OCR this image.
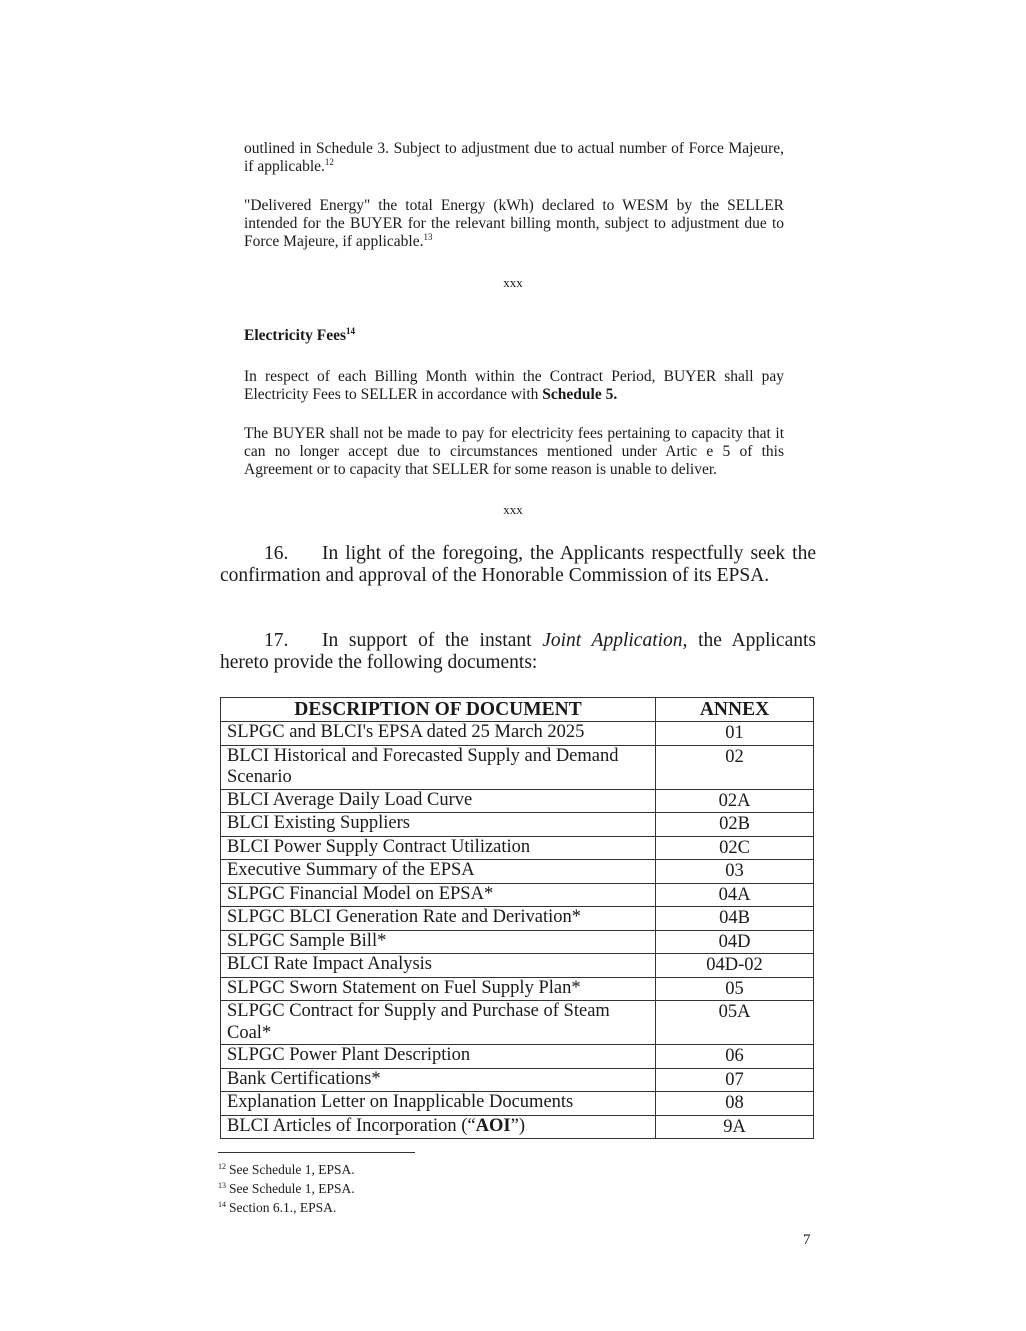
outlined in Schedule 3. Subject to adjustment due to actual number of Force Majeure, if applicable.$^{12}$

"Delivered Energy" the total Energy (kWh) declared to WESM by the SELLER intended for the BUYER for the relevant billing month, subject to adjustment due to Force Majeure, if applicable.$^{13}$

xxx
Electricity Fees$^{14}$

In respect of each Billing Month within the Contract Period, BUYER shall pay Electricity Fees to SELLER in accordance with Schedule 5.

The BUYER shall not be made to pay for electricity fees pertaining to capacity that it can no longer accept due to circumstances mentioned under Artic e 5 of this Agreement or to capacity that SELLER for some reason is unable to deliver.

xxx

16. In light of the foregoing, the Applicants respectfully seek the confirmation and approval of the Honorable Commission of its EPSA.

17. In support of the instant Joint Application, the Applicants hereto provide the following documents:

DESCRIPTION OF DOCUMENT	ANNEX
SLPGC and BLCI's EPSA dated 25 March 2025	01
BLCI Historical and Forecasted Supply and Demand Scenario	02
BLCI Average Daily Load Curve	02A
BLCI Existing Suppliers	02B
BLCI Power Supply Contract Utilization	02C
Executive Summary of the EPSA	03
SLPGC Financial Model on EPSA*	04A
SLPGC BLCI Generation Rate and Derivation*	04B
SLPGC Sample Bill*	04D
BLCI Rate Impact Analysis	04D-02
SLPGC Sworn Statement on Fuel Supply Plan*	05
SLPGC Contract for Supply and Purchase of Steam Coal*	05A
SLPGC Power Plant Description	06
Bank Certifications*	07
Explanation Letter on Inapplicable Documents	08
BLCI Articles of Incorporation (“AOI”)	9A
$^{12}$ See Schedule 1, EPSA.
$^{13}$ See Schedule 1, EPSA.
$^{14}$ Section 6.1., EPSA.
7
